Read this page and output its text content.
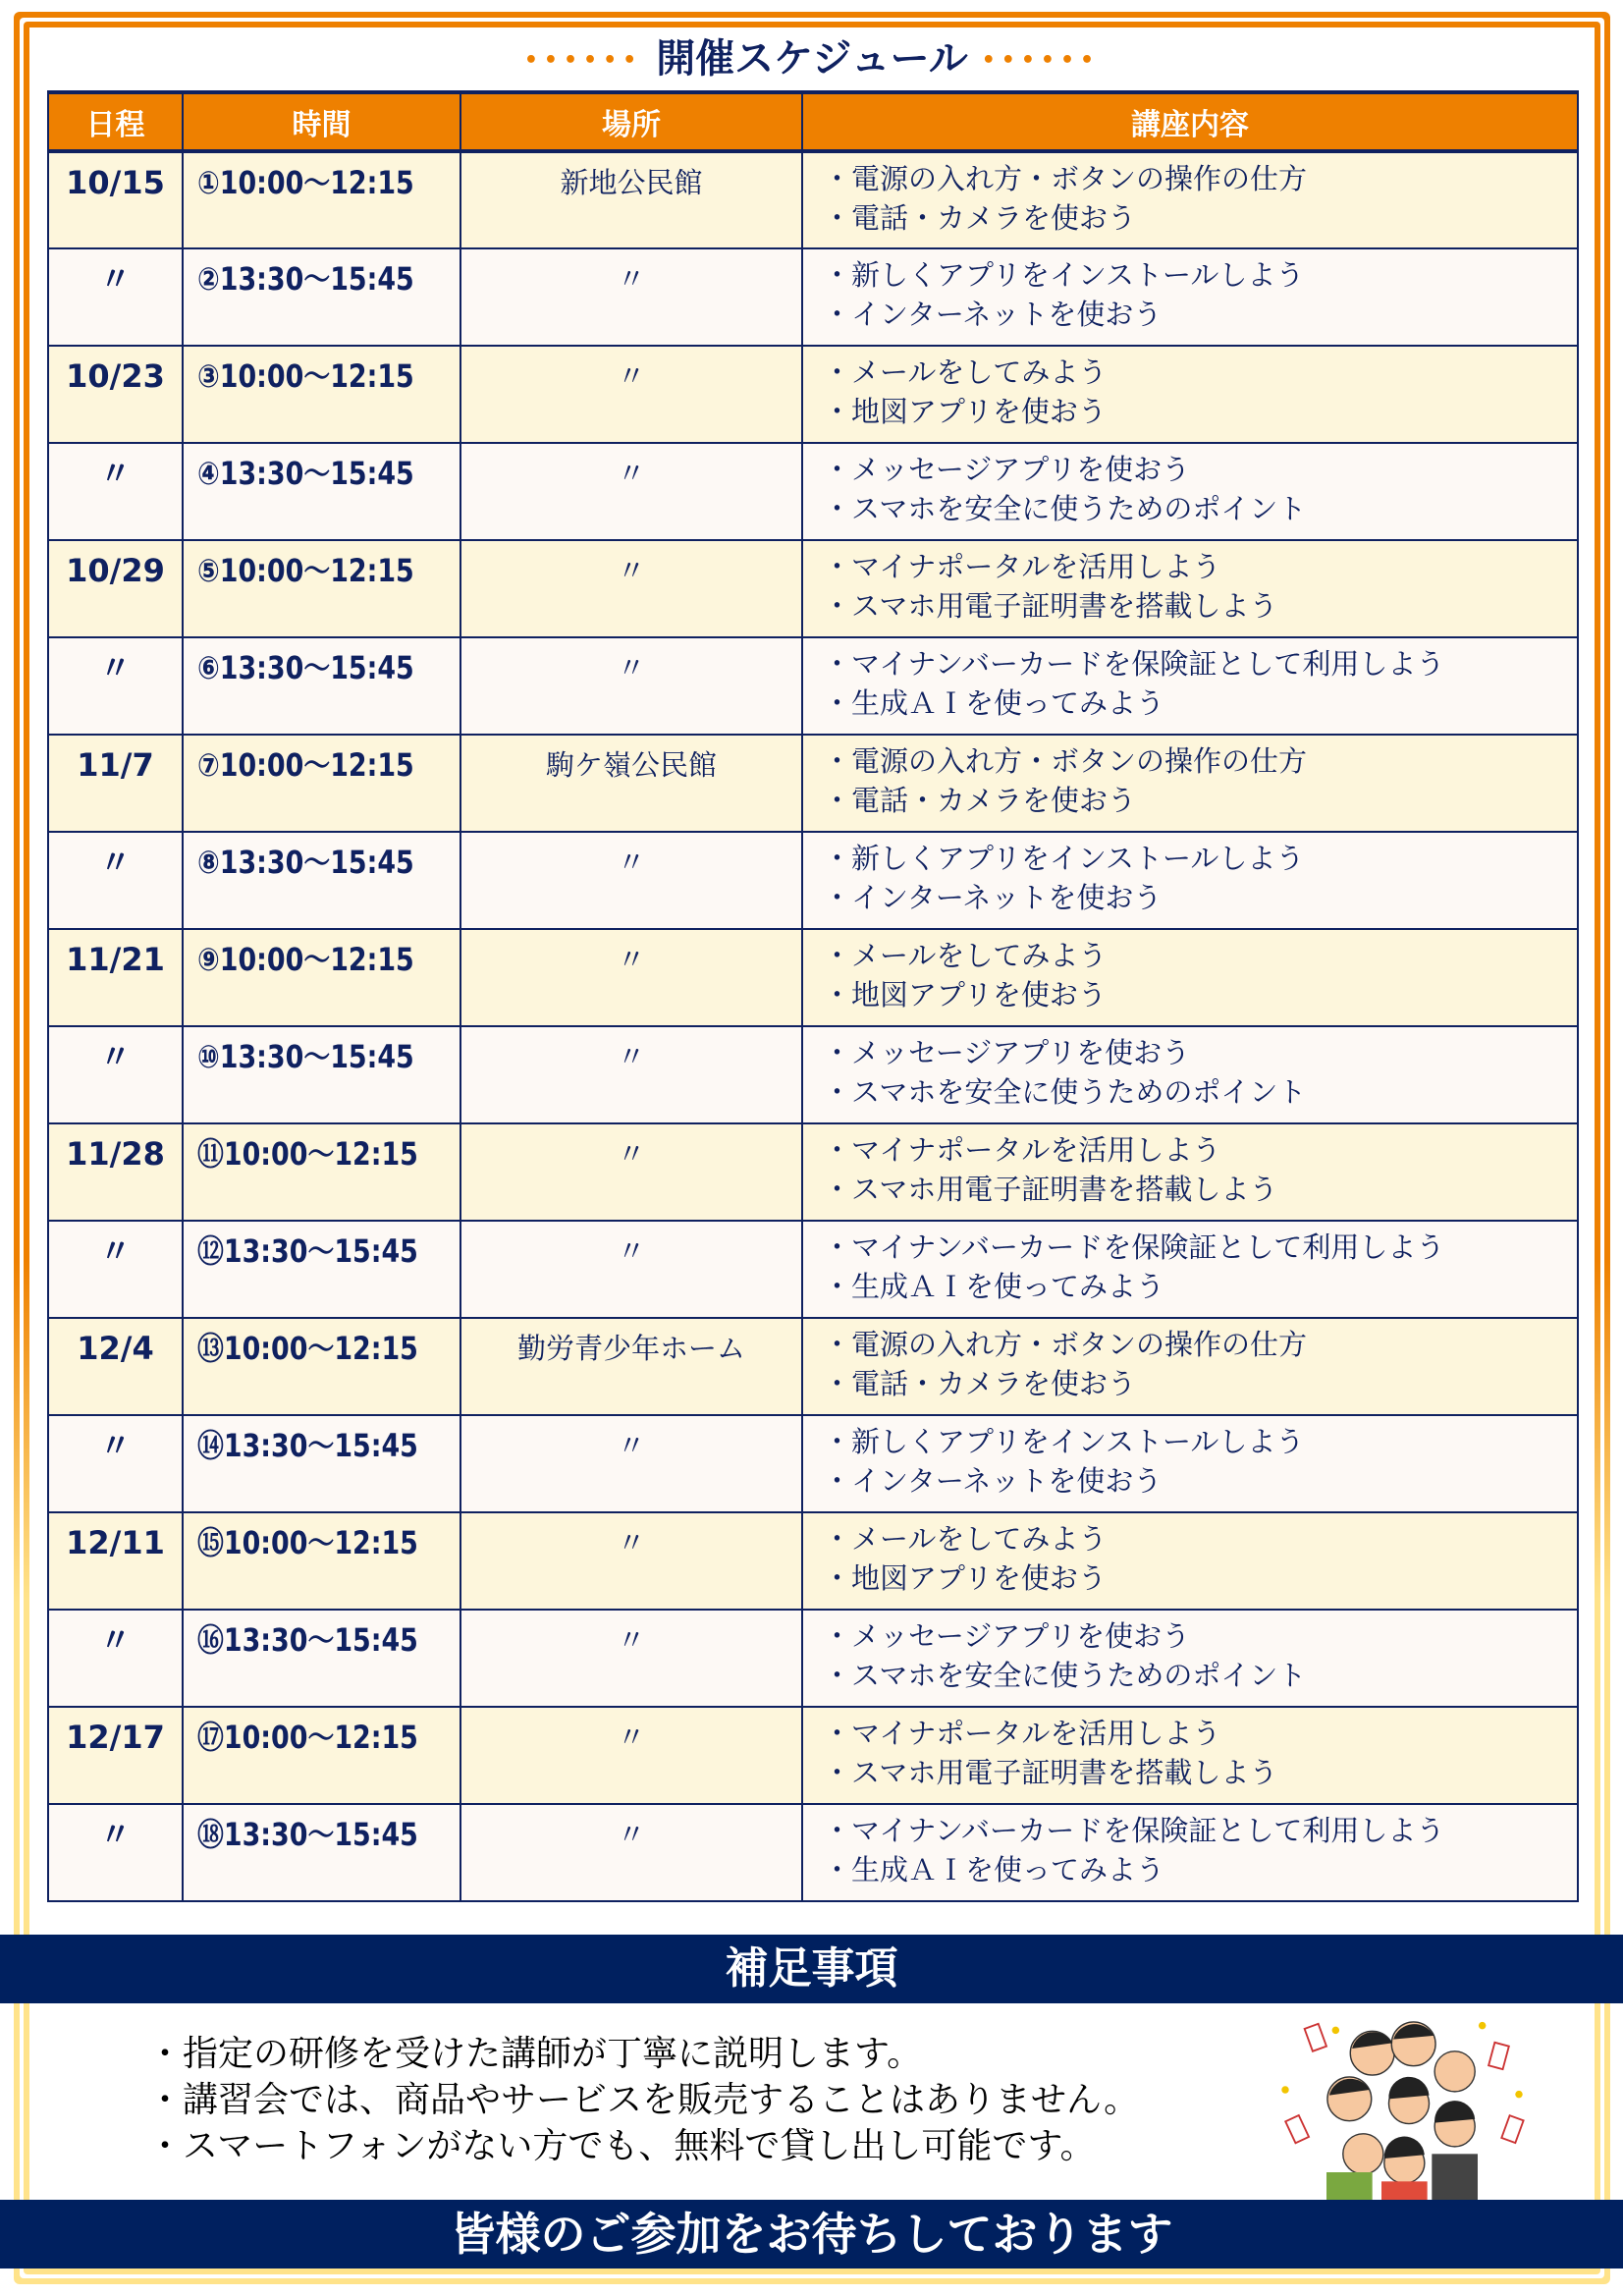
•••••• 開催スケジュール ••••••
日程	時間	場所	講座内容
10/15	①10:00〜12:15	新地公民館	・電源の入れ方・ボタンの操作の仕方
・電話・カメラを使おう

〃	②13:30〜15:45	〃	・新しくアプリをインストールしよう
・インターネットを使おう

10/23	③10:00〜12:15	〃	・メールをしてみよう
・地図アプリを使おう

〃	④13:30〜15:45	〃	・メッセージアプリを使おう
・スマホを安全に使うためのポイント

10/29	⑤10:00〜12:15	〃	・マイナポータルを活用しよう
・スマホ用電子証明書を搭載しよう

〃	⑥13:30〜15:45	〃	・マイナンバーカードを保険証として利用しよう
・生成ＡＩを使ってみよう

11/7	⑦10:00〜12:15	駒ケ嶺公民館	・電源の入れ方・ボタンの操作の仕方
・電話・カメラを使おう

〃	⑧13:30〜15:45	〃	・新しくアプリをインストールしよう
・インターネットを使おう

11/21	⑨10:00〜12:15	〃	・メールをしてみよう
・地図アプリを使おう

〃	⑩13:30〜15:45	〃	・メッセージアプリを使おう
・スマホを安全に使うためのポイント

11/28	⑪10:00〜12:15	〃	・マイナポータルを活用しよう
・スマホ用電子証明書を搭載しよう

〃	⑫13:30〜15:45	〃	・マイナンバーカードを保険証として利用しよう
・生成ＡＩを使ってみよう

12/4	⑬10:00〜12:15	勤労青少年ホーム	・電源の入れ方・ボタンの操作の仕方
・電話・カメラを使おう

〃	⑭13:30〜15:45	〃	・新しくアプリをインストールしよう
・インターネットを使おう

12/11	⑮10:00〜12:15	〃	・メールをしてみよう
・地図アプリを使おう

〃	⑯13:30〜15:45	〃	・メッセージアプリを使おう
・スマホを安全に使うためのポイント

12/17	⑰10:00〜12:15	〃	・マイナポータルを活用しよう
・スマホ用電子証明書を搭載しよう

〃	⑱13:30〜15:45	〃	・マイナンバーカードを保険証として利用しよう
・生成ＡＩを使ってみよう
補足事項
・指定の研修を受けた講師が丁寧に説明します。
・講習会では、商品やサービスを販売することはありません。
・スマートフォンがない方でも、無料で貸し出し可能です。
皆様のご参加をお待ちしております
